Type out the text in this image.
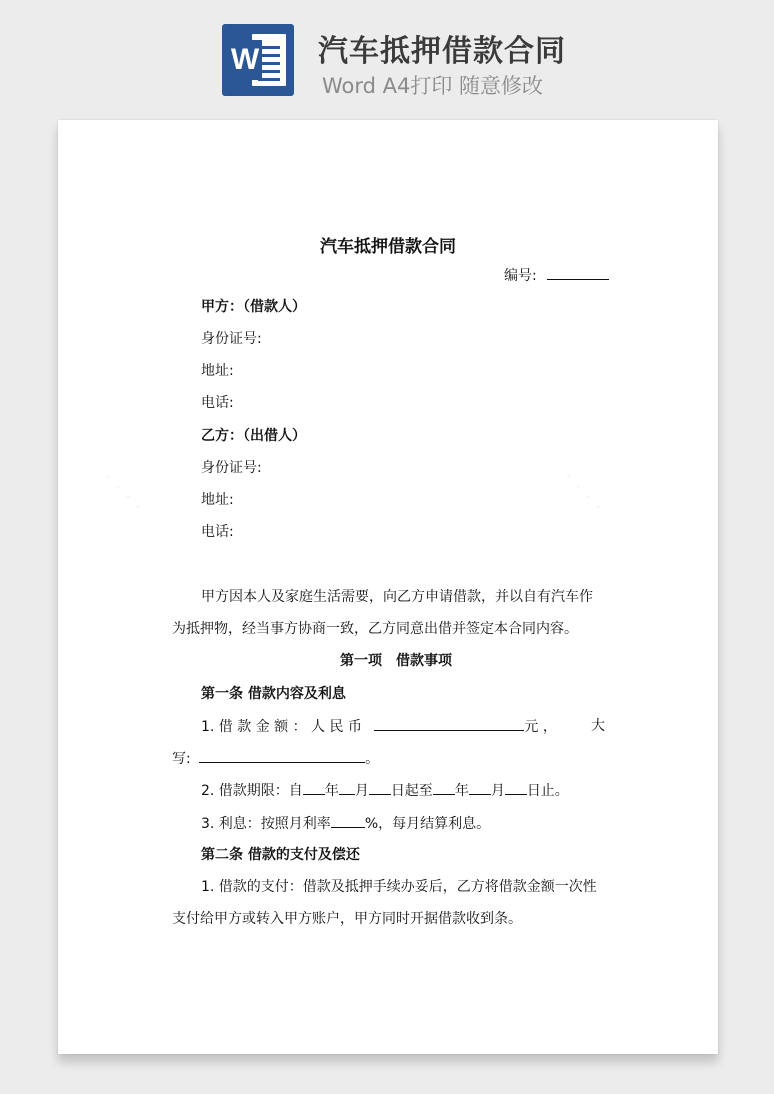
W 汽车抵押借款合同
Word A4打印 随意修改
· · · ·	· · · ·
汽车抵押借款合同
编号:
甲方：（借款人）
身份证号:
地址:
电话:
乙方：（出借人）
身份证号:
地址:
电话:
甲方因本人及家庭生活需要，向乙方申请借款，并以自有汽车作
为抵押物，经当事方协商一致，乙方同意出借并签定本合同内容。
第一项　借款事项
第一条 借款内容及利息
1. 借 款 金 额 ： 人 民 币	元 ， 大
写:	。
2. 借款期限：自 年 月 日起至 年 月 日止。
3. 利息：按照月利率 %，每月结算利息。
第二条 借款的支付及偿还
1. 借款的支付：借款及抵押手续办妥后，乙方将借款金额一次性
支付给甲方或转入甲方账户，甲方同时开据借款收到条。
